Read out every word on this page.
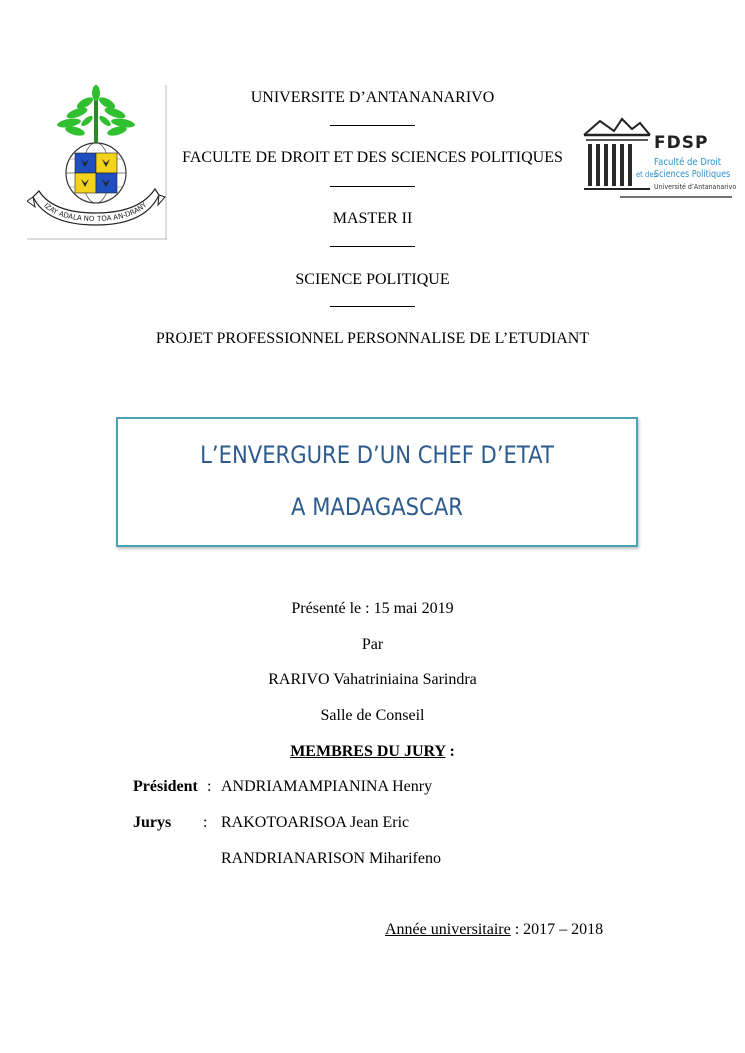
IZAY ADALA NO TOA AN-DRANY
UNIVERSITE D’ANTANANARIVO
FACULTE DE DROIT ET DES SCIENCES POLITIQUES
MASTER II
SCIENCE POLITIQUE
PROJET PROFESSIONNEL PERSONNALISE DE L’ETUDIANT
FDSP
Faculté de Droit
et des
Sciences Politiques
Université d’Antananarivo
L’ENVERGURE D’UN CHEF D’ETAT
A MADAGASCAR
Présenté le : 15 mai 2019
Par
RARIVO Vahatriniaina Sarindra
Salle de Conseil
MEMBRES DU JURY :
Président : ANDRIAMAMPIANINA Henry
Jurys : RAKOTOARISOA Jean Eric
RANDRIANARISON Miharifeno
Année universitaire : 2017 – 2018
